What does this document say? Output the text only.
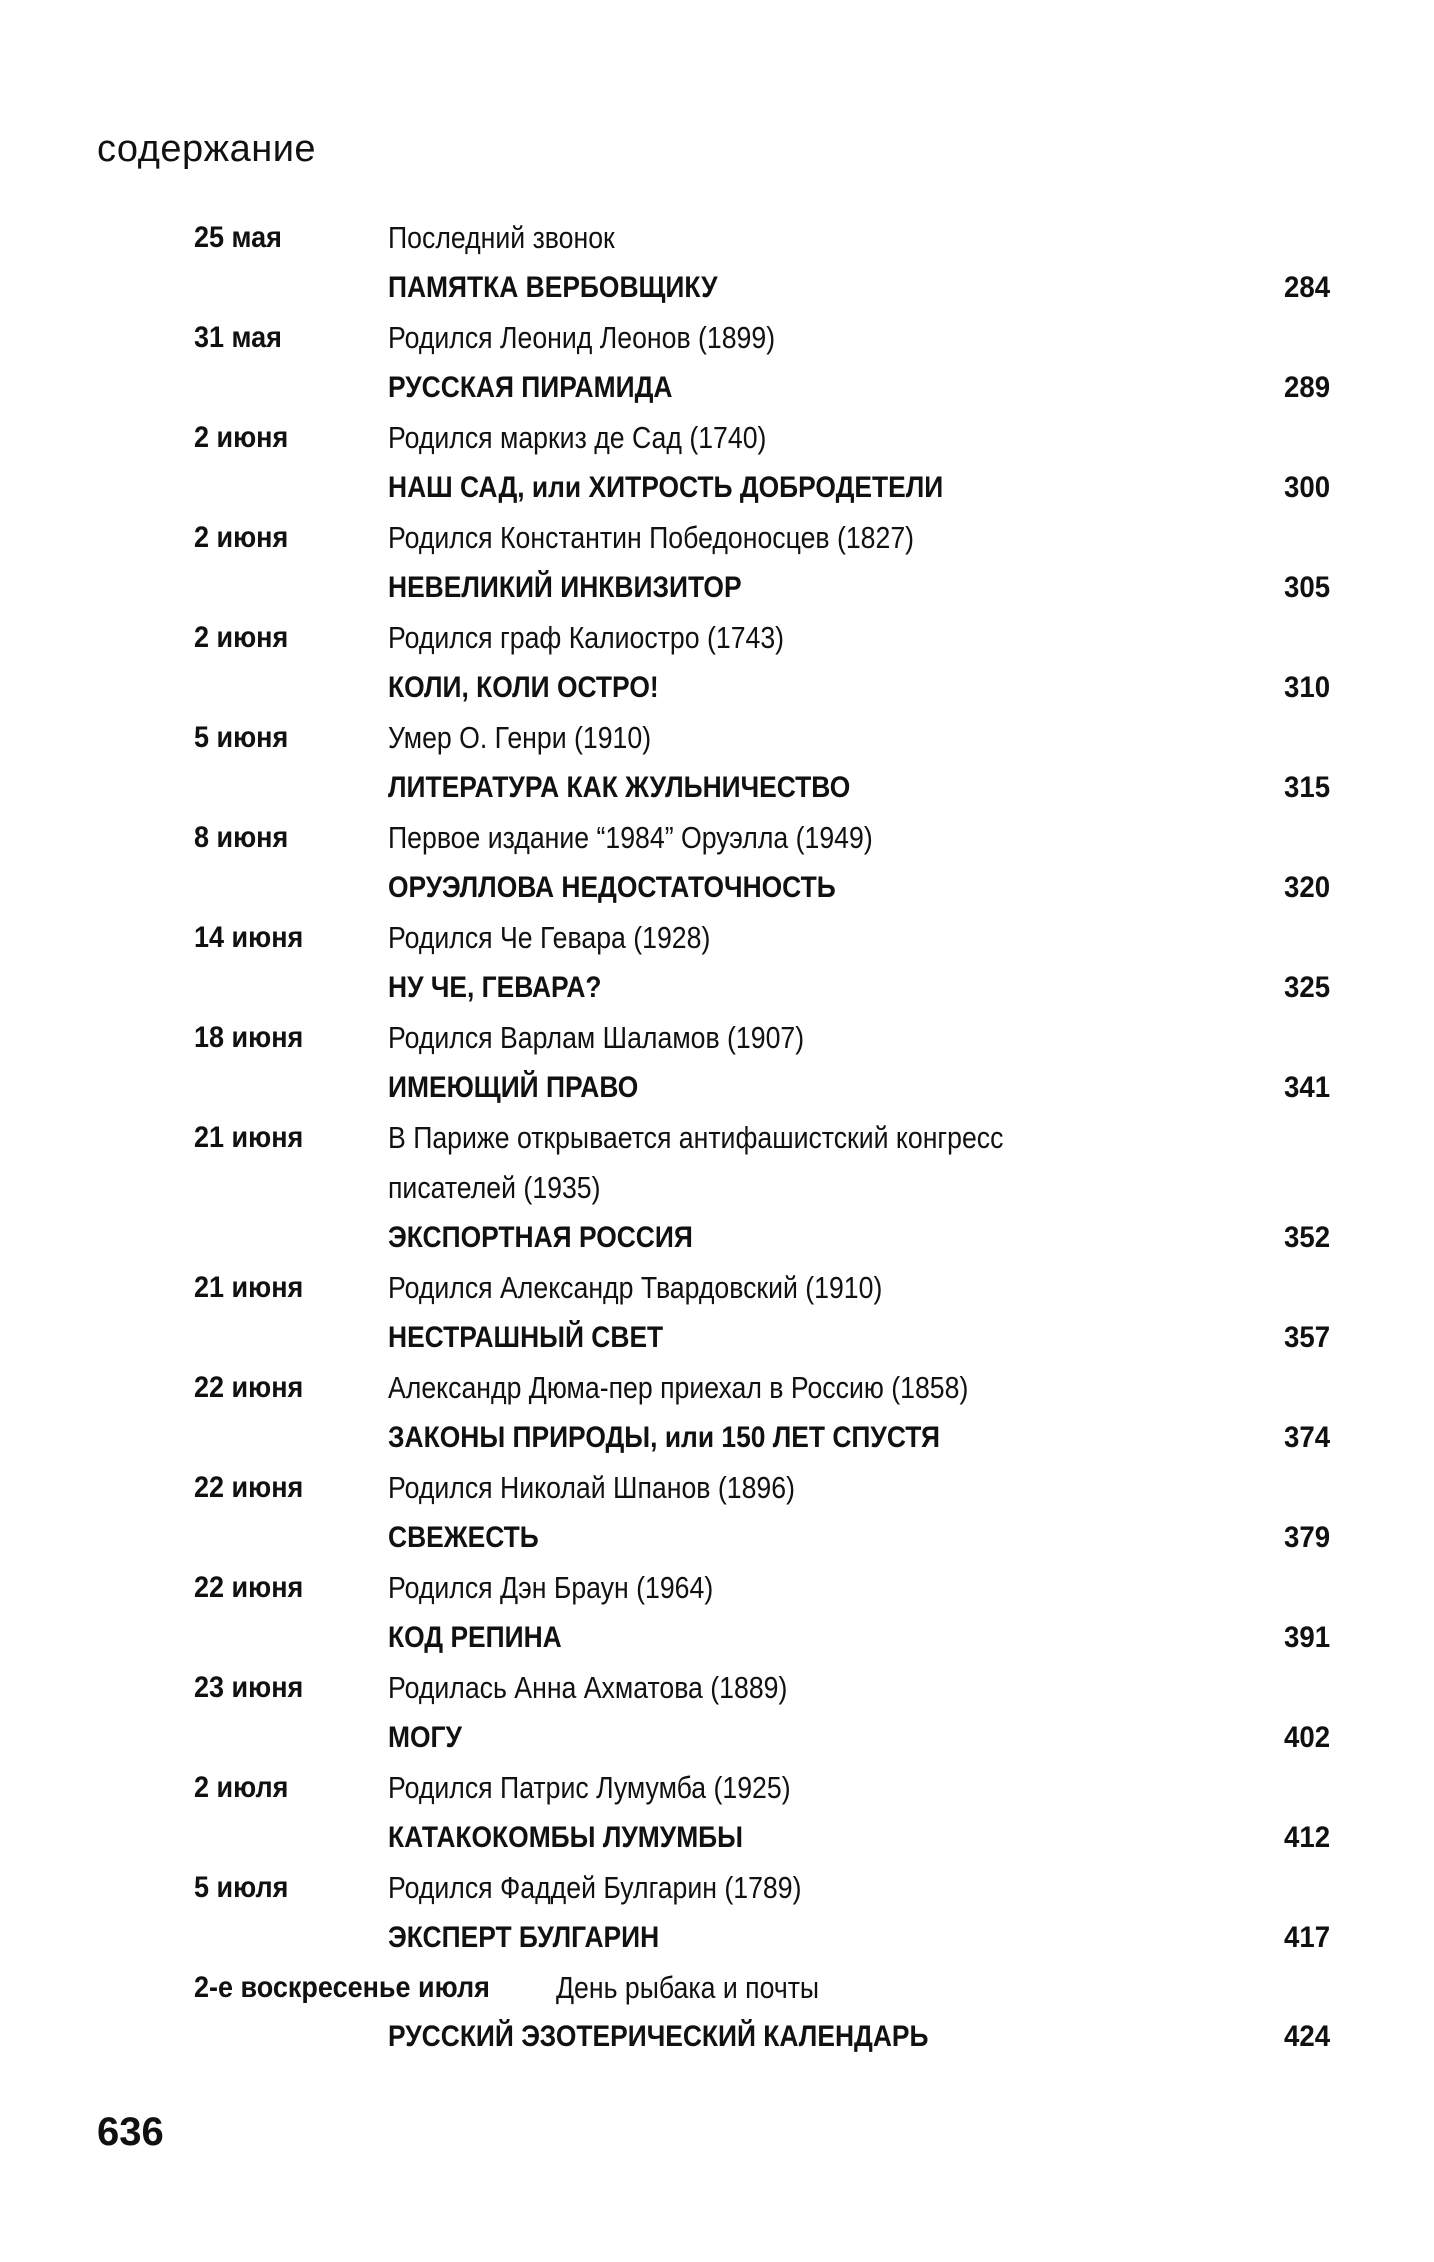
содержание
25 мая	Последний звонок
ПАМЯТКА ВЕРБОВЩИКУ	284
31 мая	Родился Леонид Леонов (1899)
РУССКАЯ ПИРАМИДА	289
2 июня	Родился маркиз де Сад (1740)
НАШ САД, или ХИТРОСТЬ ДОБРОДЕТЕЛИ	300
2 июня	Родился Константин Победоносцев (1827)
НЕВЕЛИКИЙ ИНКВИЗИТОР	305
2 июня	Родился граф Калиостро (1743)
КОЛИ, КОЛИ ОСТРО!	310
5 июня	Умер О. Генри (1910)
ЛИТЕРАТУРА КАК ЖУЛЬНИЧЕСТВО	315
8 июня	Первое издание “1984” Оруэлла (1949)
ОРУЭЛЛОВА НЕДОСТАТОЧНОСТЬ	320
14 июня	Родился Че Гевара (1928)
НУ ЧЕ, ГЕВАРА?	325
18 июня	Родился Варлам Шаламов (1907)
ИМЕЮЩИЙ ПРАВО	341
21 июня	В Париже открывается антифашистский конгресс
писателей (1935)
ЭКСПОРТНАЯ РОССИЯ	352
21 июня	Родился Александр Твардовский (1910)
НЕСТРАШНЫЙ СВЕТ	357
22 июня	Александр Дюма-пер приехал в Россию (1858)
ЗАКОНЫ ПРИРОДЫ, или 150 ЛЕТ СПУСТЯ	374
22 июня	Родился Николай Шпанов (1896)
СВЕЖЕСТЬ	379
22 июня	Родился Дэн Браун (1964)
КОД РЕПИНА	391
23 июня	Родилась Анна Ахматова (1889)
МОГУ	402
2 июля	Родился Патрис Лумумба (1925)
КАТАКОКОМБЫ ЛУМУМБЫ	412
5 июля	Родился Фаддей Булгарин (1789)
ЭКСПЕРТ БУЛГАРИН	417
2-е воскресенье июля День рыбака и почты
РУССКИЙ ЭЗОТЕРИЧЕСКИЙ КАЛЕНДАРЬ	424
636
